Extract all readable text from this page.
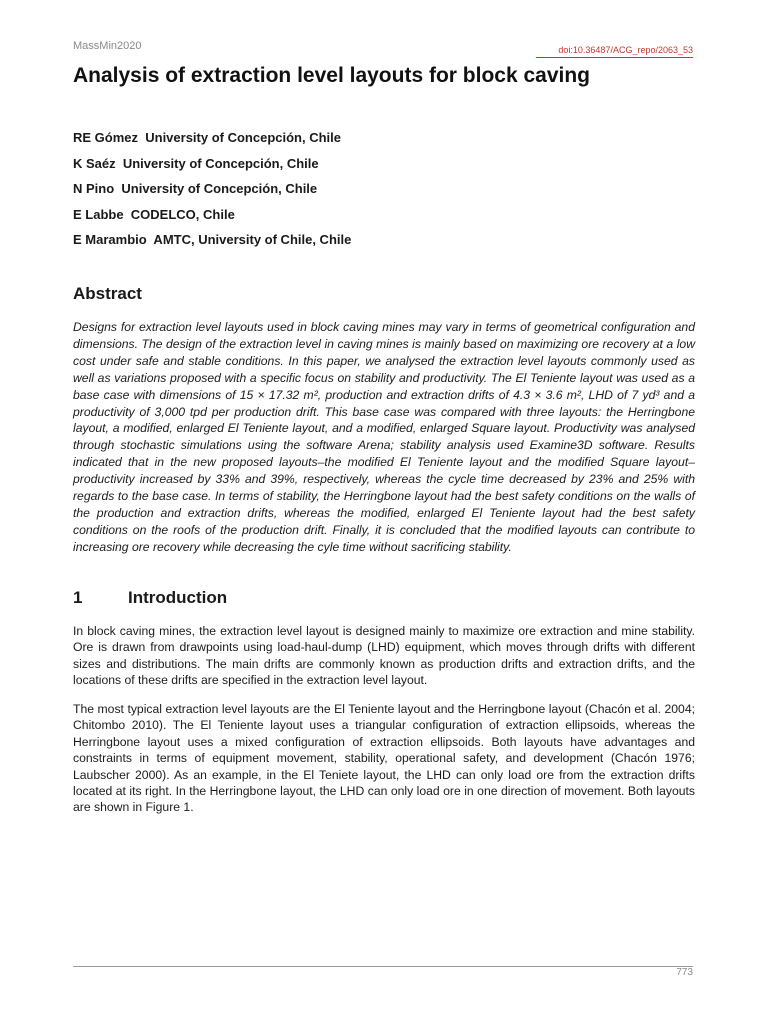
MassMin2020	doi:10.36487/ACG_repo/2063_53
Analysis of extraction level layouts for block caving
RE Gómez  University of Concepción, Chile
K Saéz  University of Concepción, Chile
N Pino  University of Concepción, Chile
E Labbe  CODELCO, Chile
E Marambio  AMTC, University of Chile, Chile
Abstract

Designs for extraction level layouts used in block caving mines may vary in terms of geometrical configuration and dimensions. The design of the extraction level in caving mines is mainly based on maximizing ore recovery at a low cost under safe and stable conditions. In this paper, we analysed the extraction level layouts commonly used as well as variations proposed with a specific focus on stability and productivity. The El Teniente layout was used as a base case with dimensions of 15 × 17.32 m², production and extraction drifts of 4.3 × 3.6 m², LHD of 7 yd³ and a productivity of 3,000 tpd per production drift. This base case was compared with three layouts: the Herringbone layout, a modified, enlarged El Teniente layout, and a modified, enlarged Square layout. Productivity was analysed through stochastic simulations using the software Arena; stability analysis used Examine3D software. Results indicated that in the new proposed layouts–the modified El Teniente layout and the modified Square layout–productivity increased by 33% and 39%, respectively, whereas the cycle time decreased by 23% and 25% with regards to the base case. In terms of stability, the Herringbone layout had the best safety conditions on the walls of the production and extraction drifts, whereas the modified, enlarged El Teniente layout had the best safety conditions on the roofs of the production drift. Finally, it is concluded that the modified layouts can contribute to increasing ore recovery while decreasing the cyle time without sacrificing stability.

1	Introduction

In block caving mines, the extraction level layout is designed mainly to maximize ore extraction and mine stability. Ore is drawn from drawpoints using load-haul-dump (LHD) equipment, which moves through drifts with different sizes and distributions. The main drifts are commonly known as production drifts and extraction drifts, and the locations of these drifts are specified in the extraction level layout.

The most typical extraction level layouts are the El Teniente layout and the Herringbone layout (Chacón et al. 2004; Chitombo 2010). The El Teniente layout uses a triangular configuration of extraction ellipsoids, whereas the Herringbone layout uses a mixed configuration of extraction ellipsoids. Both layouts have advantages and constraints in terms of equipment movement, stability, operational safety, and development (Chacón 1976; Laubscher 2000). As an example, in the El Teniete layout, the LHD can only load ore from the extraction drifts located at its right. In the Herringbone layout, the LHD can only load ore in one direction of movement. Both layouts are shown in Figure 1.

773
